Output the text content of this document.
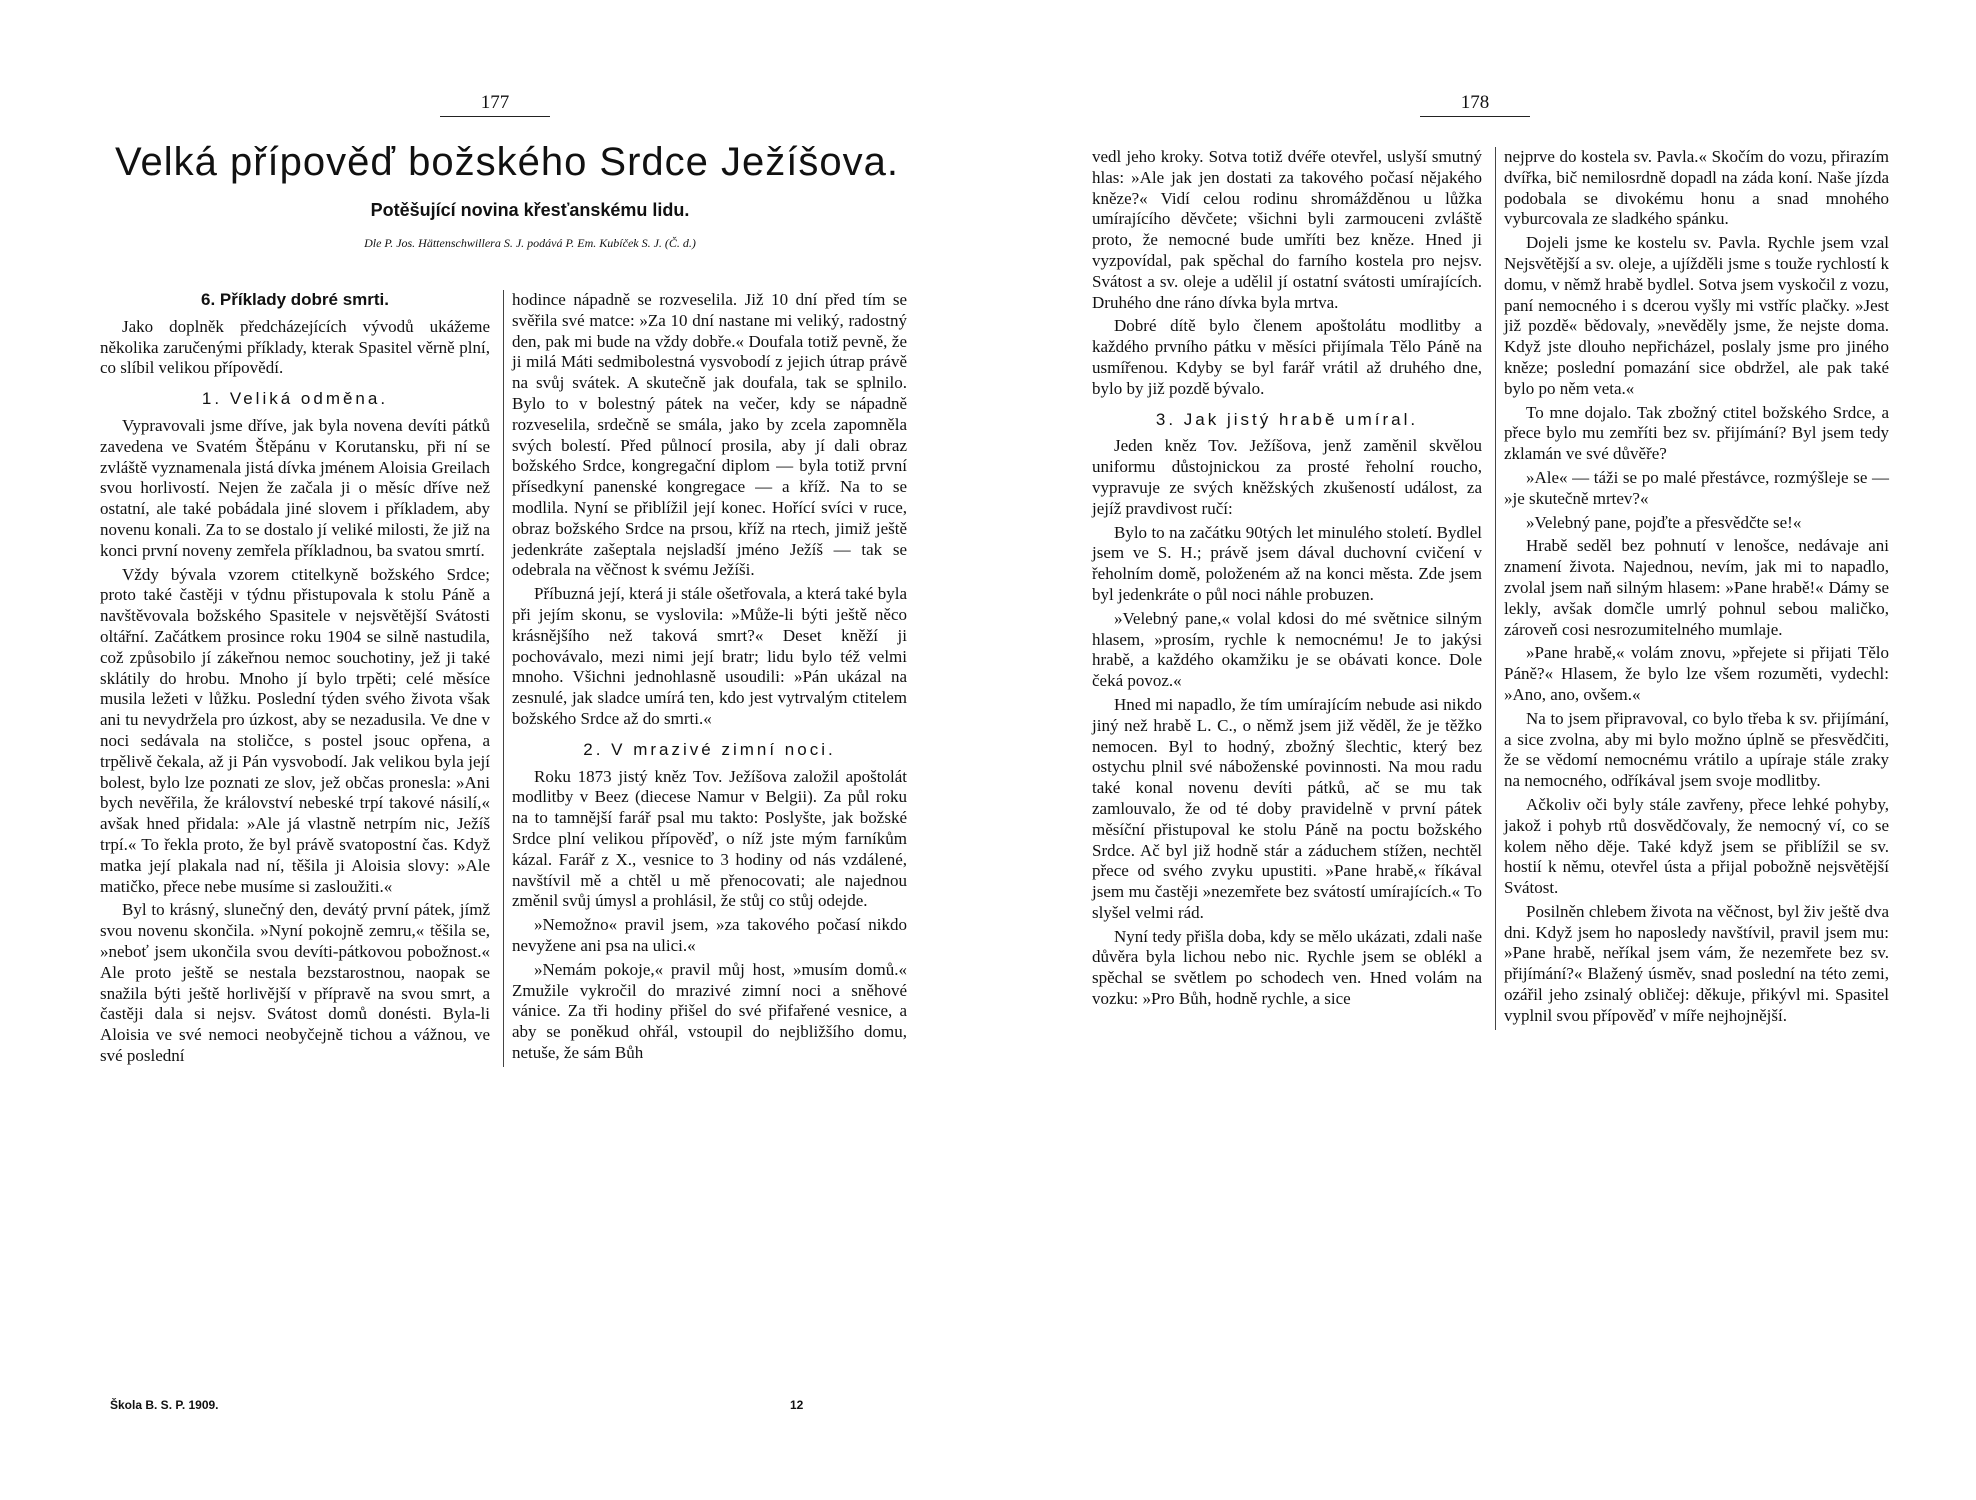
177
Velká přípověď božského Srdce Ježíšova.
Potěšující novina křesťanskému lidu.
Dle P. Jos. Hättenschwillera S. J. podává P. Em. Kubíček S. J. (Č. d.)
6. Příklady dobré smrti.

Jako doplněk předcházejících vývodů ukážeme několika zaručenými příklady, kterak Spasitel věrně plní, co slíbil velikou přípovědí.

1. Veliká odměna.

Vypravovali jsme dříve, jak byla novena devíti pátků zavedena ve Svatém Štěpánu v Korutansku, při ní se zvláště vyznamenala jistá dívka jménem Aloisia Greilach svou horlivostí. Nejen že začala ji o měsíc dříve než ostatní, ale také pobádala jiné slovem i příkladem, aby novenu konali. Za to se dostalo jí veliké milosti, že již na konci první noveny zemřela příkladnou, ba svatou smrtí.

Vždy bývala vzorem ctitelkyně božského Srdce; proto také častěji v týdnu přistupovala k stolu Páně a navštěvovala božského Spasitele v nejsvětější Svátosti oltářní. Začátkem prosince roku 1904 se silně nastudila, což způsobilo jí zákeřnou nemoc souchotiny, jež ji také sklátily do hrobu. Mnoho jí bylo trpěti; celé měsíce musila ležeti v lůžku. Poslední týden svého života však ani tu nevydržela pro úzkost, aby se nezadusila. Ve dne v noci sedávala na stoličce, s postel jsouc opřena, a trpělivě čekala, až ji Pán vysvobodí. Jak velikou byla její bolest, bylo lze poznati ze slov, jež občas pronesla: »Ani bych nevěřila, že království nebeské trpí takové násilí,« avšak hned přidala: »Ale já vlastně netrpím nic, Ježíš trpí.« To řekla proto, že byl právě svatopostní čas. Když matka její plakala nad ní, těšila ji Aloisia slovy: »Ale matičko, přece nebe musíme si zasloužiti.«

Byl to krásný, slunečný den, devátý první pátek, jímž svou novenu skončila. »Nyní pokojně zemru,« těšila se, »neboť jsem ukončila svou devíti-pátkovou pobožnost.« Ale proto ještě se nestala bezstarostnou, naopak se snažila býti ještě horlivější v přípravě na svou smrt, a častěji dala si nejsv. Svátost domů donésti. Byla-li Aloisia ve své nemoci neobyčejně tichou a vážnou, ve své poslední

hodince nápadně se rozveselila. Již 10 dní před tím se svěřila své matce: »Za 10 dní nastane mi veliký, radostný den, pak mi bude na vždy dobře.« Doufala totiž pevně, že ji milá Máti sedmibolestná vysvobodí z jejich útrap právě na svůj svátek. A skutečně jak doufala, tak se splnilo. Bylo to v bolestný pátek na večer, kdy se nápadně rozveselila, srdečně se smála, jako by zcela zapomněla svých bolestí. Před půlnocí prosila, aby jí dali obraz božského Srdce, kongregační diplom — byla totiž první přísedkyní panenské kongregace — a kříž. Na to se modlila. Nyní se přiblížil její konec. Hořící svíci v ruce, obraz božského Srdce na prsou, kříž na rtech, jimiž ještě jedenkráte zašeptala nejsladší jméno Ježíš — tak se odebrala na věčnost k svému Ježíši.

Příbuzná její, která ji stále ošetřovala, a která také byla při jejím skonu, se vyslovila: »Může-li býti ještě něco krásnějšího než taková smrt?« Deset kněží ji pochovávalo, mezi nimi její bratr; lidu bylo též velmi mnoho. Všichni jednohlasně usoudili: »Pán ukázal na zesnulé, jak sladce umírá ten, kdo jest vytrvalým ctitelem božského Srdce až do smrti.«

2. V mrazivé zimní noci.

Roku 1873 jistý kněz Tov. Ježíšova založil apoštolát modlitby v Beez (diecese Namur v Belgii). Za půl roku na to tamnější farář psal mu takto: Poslyšte, jak božské Srdce plní velikou přípověď, o níž jste mým farníkům kázal. Farář z X., vesnice to 3 hodiny od nás vzdálené, navštívil mě a chtěl u mě přenocovati; ale najednou změnil svůj úmysl a prohlásil, že stůj co stůj odejde.

»Nemožno« pravil jsem, »za takového počasí nikdo nevyžene ani psa na ulici.«

»Nemám pokoje,« pravil můj host, »musím domů.« Zmužile vykročil do mrazivé zimní noci a sněhové vánice. Za tři hodiny přišel do své přifařené vesnice, a aby se poněkud ohřál, vstoupil do nejbližšího domu, netuše, že sám Bůh

Škola B. S. P. 1909.	12
178

vedl jeho kroky. Sotva totiž dvéře otevřel, uslyší smutný hlas: »Ale jak jen dostati za takového počasí nějakého kněze?« Vidí celou rodinu shromážděnou u lůžka umírajícího děvčete; všichni byli zarmouceni zvláště proto, že nemocné bude umříti bez kněze. Hned ji vyzpovídal, pak spěchal do farního kostela pro nejsv. Svátost a sv. oleje a udělil jí ostatní svátosti umírajících. Druhého dne ráno dívka byla mrtva.

Dobré dítě bylo členem apoštolátu modlitby a každého prvního pátku v měsíci přijímala Tělo Páně na usmířenou. Kdyby se byl farář vrátil až druhého dne, bylo by již pozdě bývalo.

3. Jak jistý hrabě umíral.

Jeden kněz Tov. Ježíšova, jenž zaměnil skvělou uniformu důstojnickou za prosté řeholní roucho, vypravuje ze svých kněžských zkušeností událost, za jejíž pravdivost ručí:

Bylo to na začátku 90tých let minulého století. Bydlel jsem ve S. H.; právě jsem dával duchovní cvičení v řeholním domě, položeném až na konci města. Zde jsem byl jedenkráte o půl noci náhle probuzen.

»Velebný pane,« volal kdosi do mé světnice silným hlasem, »prosím, rychle k nemocnému! Je to jakýsi hrabě, a každého okamžiku je se obávati konce. Dole čeká povoz.«

Hned mi napadlo, že tím umírajícím nebude asi nikdo jiný než hrabě L. C., o němž jsem již věděl, že je těžko nemocen. Byl to hodný, zbožný šlechtic, který bez ostychu plnil své náboženské povinnosti. Na mou radu také konal novenu devíti pátků, ač se mu tak zamlouvalo, že od té doby pravidelně v první pátek měsíční přistupoval ke stolu Páně na poctu božského Srdce. Ač byl již hodně stár a záduchem stížen, nechtěl přece od svého zvyku upustiti. »Pane hrabě,« říkával jsem mu častěji »nezemřete bez svátostí umírajících.« To slyšel velmi rád.

Nyní tedy přišla doba, kdy se mělo ukázati, zdali naše důvěra byla lichou nebo nic. Rychle jsem se oblékl a spěchal se světlem po schodech ven. Hned volám na vozku: »Pro Bůh, hodně rychle, a sice

nejprve do kostela sv. Pavla.« Skočím do vozu, přirazím dvířka, bič nemilosrdně dopadl na záda koní. Naše jízda podobala se divokému honu a snad mnohého vyburcovala ze sladkého spánku.

Dojeli jsme ke kostelu sv. Pavla. Rychle jsem vzal Nejsvětější a sv. oleje, a ujížděli jsme s touže rychlostí k domu, v němž hrabě bydlel. Sotva jsem vyskočil z vozu, paní nemocného i s dcerou vyšly mi vstříc plačky. »Jest již pozdě« bědovaly, »nevěděly jsme, že nejste doma. Když jste dlouho nepřicházel, poslaly jsme pro jiného kněze; poslední pomazání sice obdržel, ale pak také bylo po něm veta.«

To mne dojalo. Tak zbožný ctitel božského Srdce, a přece bylo mu zemříti bez sv. přijímání? Byl jsem tedy zklamán ve své důvěře?

»Ale« — táži se po malé přestávce, rozmýšleje se — »je skutečně mrtev?«

»Velebný pane, pojďte a přesvědčte se!«

Hrabě seděl bez pohnutí v lenošce, nedávaje ani znamení života. Najednou, nevím, jak mi to napadlo, zvolal jsem naň silným hlasem: »Pane hrabě!« Dámy se lekly, avšak domčle umrlý pohnul sebou maličko, zároveň cosi nesrozumitelného mumlaje.

»Pane hrabě,« volám znovu, »přejete si přijati Tělo Páně?« Hlasem, že bylo lze všem rozuměti, vydechl: »Ano, ano, ovšem.«

Na to jsem připravoval, co bylo třeba k sv. přijímání, a sice zvolna, aby mi bylo možno úplně se přesvědčiti, že se vědomí nemocnému vrátilo a upíraje stále zraky na nemocného, odříkával jsem svoje modlitby.

Ačkoliv oči byly stále zavřeny, přece lehké pohyby, jakož i pohyb rtů dosvědčovaly, že nemocný ví, co se kolem něho děje. Také když jsem se přiblížil se sv. hostií k němu, otevřel ústa a přijal pobožně nejsvětější Svátost.

Posilněn chlebem života na věčnost, byl živ ještě dva dni. Když jsem ho naposledy navštívil, pravil jsem mu: »Pane hrabě, neříkal jsem vám, že nezemřete bez sv. přijímání?« Blažený úsměv, snad poslední na této zemi, ozářil jeho zsinalý obličej: děkuje, přikývl mi. Spasitel vyplnil svou přípověď v míře nejhojnější.
